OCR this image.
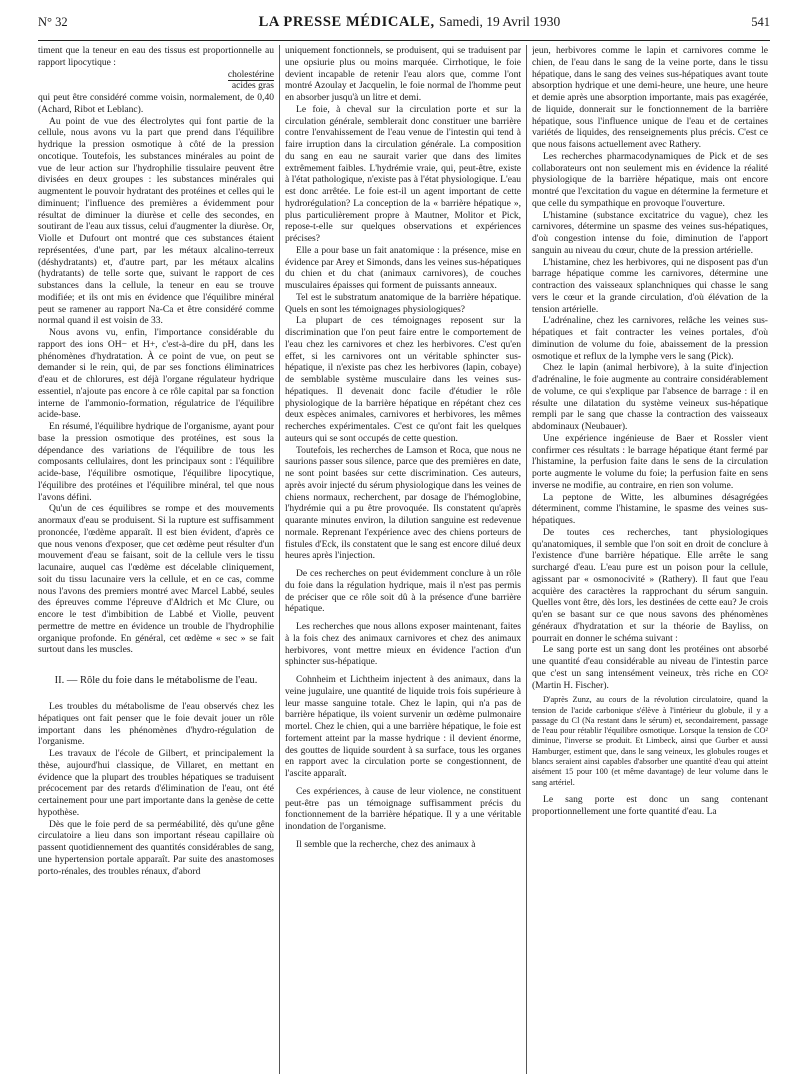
N° 32	LA PRESSE MÉDICALE, Samedi, 19 Avril 1930	541

timent que la teneur en eau des tissus est proportionnelle au rapport lipocytique :

cholestérine
acides gras

qui peut être considéré comme voisin, normalement, de 0,40 (Achard, Ribot et Leblanc).

Au point de vue des électrolytes qui font partie de la cellule, nous avons vu la part que prend dans l'équilibre hydrique la pression osmotique à côté de la pression oncotique. Toutefois, les substances minérales au point de vue de leur action sur l'hydrophilie tissulaire peuvent être divisées en deux groupes : les substances minérales qui augmentent le pouvoir hydratant des protéines et celles qui le diminuent; l'influence des premières a évidemment pour résultat de diminuer la diurèse et celle des secondes, en soutirant de l'eau aux tissus, celui d'augmenter la diurèse. Or, Violle et Dufourt ont montré que ces substances étaient représentées, d'une part, par les métaux alcalino-terreux (déshydratants) et, d'autre part, par les métaux alcalins (hydratants) de telle sorte que, suivant le rapport de ces substances dans la cellule, la teneur en eau se trouve modifiée; et ils ont mis en évidence que l'équilibre minéral peut se ramener au rapport Na-Ca et être considéré comme normal quand il est voisin de 33.

Nous avons vu, enfin, l'importance considérable du rapport des ions OH− et H+, c'est-à-dire du pH, dans les phénomènes d'hydratation. À ce point de vue, on peut se demander si le rein, qui, de par ses fonctions éliminatrices d'eau et de chlorures, est déjà l'organe régulateur hydrique essentiel, n'ajoute pas encore à ce rôle capital par sa fonction interne de l'ammonio-formation, régulatrice de l'équilibre acide-base.

En résumé, l'équilibre hydrique de l'organisme, ayant pour base la pression osmotique des protéines, est sous la dépendance des variations de l'équilibre de tous les composants cellulaires, dont les principaux sont : l'équilibre acide-base, l'équilibre osmotique, l'équilibre lipocytique, l'équilibre des protéines et l'équilibre minéral, tel que nous l'avons défini.

Qu'un de ces équilibres se rompe et des mouvements anormaux d'eau se produisent. Si la rupture est suffisamment prononcée, l'œdème apparaît. Il est bien évident, d'après ce que nous venons d'exposer, que cet œdème peut résulter d'un mouvement d'eau se faisant, soit de la cellule vers le tissu lacunaire, auquel cas l'œdème est décelable cliniquement, soit du tissu lacunaire vers la cellule, et en ce cas, comme nous l'avons des premiers montré avec Marcel Labbé, seules des épreuves comme l'épreuve d'Aldrich et Mc Clure, ou encore le test d'imbibition de Labbé et Violle, peuvent permettre de mettre en évidence un trouble de l'hydrophilie organique profonde. En général, cet œdème « sec » se fait surtout dans les muscles.

II. — Rôle du foie dans le métabolisme de l'eau.

Les troubles du métabolisme de l'eau observés chez les hépatiques ont fait penser que le foie devait jouer un rôle important dans les phénomènes d'hydro-régulation de l'organisme.

Les travaux de l'école de Gilbert, et principalement la thèse, aujourd'hui classique, de Villaret, en mettant en évidence que la plupart des troubles hépatiques se traduisent précocement par des retards d'élimination de l'eau, ont été certainement pour une part importante dans la genèse de cette hypothèse.

Dès que le foie perd de sa perméabilité, dès qu'une gêne circulatoire a lieu dans son important réseau capillaire où passent quotidiennement des quantités considérables de sang, une hypertension portale apparaît. Par suite des anastomoses porto-rénales, des troubles rénaux, d'abord

uniquement fonctionnels, se produisent, qui se traduisent par une opsiurie plus ou moins marquée. Cirrhotique, le foie devient incapable de retenir l'eau alors que, comme l'ont montré Azoulay et Jacquelin, le foie normal de l'homme peut en absorber jusqu'à un litre et demi.

Le foie, à cheval sur la circulation porte et sur la circulation générale, semblerait donc constituer une barrière contre l'envahissement de l'eau venue de l'intestin qui tend à faire irruption dans la circulation générale. La composition du sang en eau ne saurait varier que dans des limites extrêmement faibles. L'hydrémie vraie, qui, peut-être, existe à l'état pathologique, n'existe pas à l'état physiologique. L'eau est donc arrêtée. Le foie est-il un agent important de cette hydrorégulation? La conception de la « barrière hépatique », plus particulièrement propre à Mautner, Molitor et Pick, repose-t-elle sur quelques observations et expériences précises?

Elle a pour base un fait anatomique : la présence, mise en évidence par Arey et Simonds, dans les veines sus-hépatiques du chien et du chat (animaux carnivores), de couches musculaires épaisses qui forment de puissants anneaux.

Tel est le substratum anatomique de la barrière hépatique. Quels en sont les témoignages physiologiques?

La plupart de ces témoignages reposent sur la discrimination que l'on peut faire entre le comportement de l'eau chez les carnivores et chez les herbivores. C'est qu'en effet, si les carnivores ont un véritable sphincter sus-hépatique, il n'existe pas chez les herbivores (lapin, cobaye) de semblable système musculaire dans les veines sus-hépatiques. Il devenait donc facile d'étudier le rôle physiologique de la barrière hépatique en répétant chez ces deux espèces animales, carnivores et herbivores, les mêmes recherches expérimentales. C'est ce qu'ont fait les quelques auteurs qui se sont occupés de cette question.

Toutefois, les recherches de Lamson et Roca, que nous ne saurions passer sous silence, parce que des premières en date, ne sont point basées sur cette discrimination. Ces auteurs, après avoir injecté du sérum physiologique dans les veines de chiens normaux, recherchent, par dosage de l'hémoglobine, l'hydrémie qui a pu être provoquée. Ils constatent qu'après quarante minutes environ, la dilution sanguine est redevenue normale. Reprenant l'expérience avec des chiens porteurs de fistules d'Eck, ils constatent que le sang est encore dilué deux heures après l'injection.

De ces recherches on peut évidemment conclure à un rôle du foie dans la régulation hydrique, mais il n'est pas permis de préciser que ce rôle soit dû à la présence d'une barrière hépatique.

Les recherches que nous allons exposer maintenant, faites à la fois chez des animaux carnivores et chez des animaux herbivores, vont mettre mieux en évidence l'action d'un sphincter sus-hépatique.

Cohnheim et Lichtheim injectent à des animaux, dans la veine jugulaire, une quantité de liquide trois fois supérieure à leur masse sanguine totale. Chez le lapin, qui n'a pas de barrière hépatique, ils voient survenir un œdème pulmonaire mortel. Chez le chien, qui a une barrière hépatique, le foie est fortement atteint par la masse hydrique : il devient énorme, des gouttes de liquide sourdent à sa surface, tous les organes en rapport avec la circulation porte se congestionnent, de l'ascite apparaît.

Ces expériences, à cause de leur violence, ne constituent peut-être pas un témoignage suffisamment précis du fonctionnement de la barrière hépatique. Il y a une véritable inondation de l'organisme.

Il semble que la recherche, chez des animaux à

jeun, herbivores comme le lapin et carnivores comme le chien, de l'eau dans le sang de la veine porte, dans le tissu hépatique, dans le sang des veines sus-hépatiques avant toute absorption hydrique et une demi-heure, une heure, une heure et demie après une absorption importante, mais pas exagérée, de liquide, donnerait sur le fonctionnement de la barrière hépatique, sous l'influence unique de l'eau et de certaines variétés de liquides, des renseignements plus précis. C'est ce que nous faisons actuellement avec Rathery.

Les recherches pharmacodynamiques de Pick et de ses collaborateurs ont non seulement mis en évidence la réalité physiologique de la barrière hépatique, mais ont encore montré que l'excitation du vague en détermine la fermeture et que celle du sympathique en provoque l'ouverture.

L'histamine (substance excitatrice du vague), chez les carnivores, détermine un spasme des veines sus-hépatiques, d'où congestion intense du foie, diminution de l'apport sanguin au niveau du cœur, chute de la pression artérielle.

L'histamine, chez les herbivores, qui ne disposent pas d'un barrage hépatique comme les carnivores, détermine une contraction des vaisseaux splanchniques qui chasse le sang vers le cœur et la grande circulation, d'où élévation de la tension artérielle.

L'adrénaline, chez les carnivores, relâche les veines sus-hépatiques et fait contracter les veines portales, d'où diminution de volume du foie, abaissement de la pression osmotique et reflux de la lymphe vers le sang (Pick).

Chez le lapin (animal herbivore), à la suite d'injection d'adrénaline, le foie augmente au contraire considérablement de volume, ce qui s'explique par l'absence de barrage : il en résulte une dilatation du système veineux sus-hépatique rempli par le sang que chasse la contraction des vaisseaux abdominaux (Neubauer).

Une expérience ingénieuse de Baer et Rossler vient confirmer ces résultats : le barrage hépatique étant fermé par l'histamine, la perfusion faite dans le sens de la circulation porte augmente le volume du foie; la perfusion faite en sens inverse ne modifie, au contraire, en rien son volume.

La peptone de Witte, les albumines désagrégées déterminent, comme l'histamine, le spasme des veines sus-hépatiques.

De toutes ces recherches, tant physiologiques qu'anatomiques, il semble que l'on soit en droit de conclure à l'existence d'une barrière hépatique. Elle arrête le sang surchargé d'eau. L'eau pure est un poison pour la cellule, agissant par « osmonocivité » (Rathery). Il faut que l'eau acquière des caractères la rapprochant du sérum sanguin. Quelles vont être, dès lors, les destinées de cette eau? Je crois qu'en se basant sur ce que nous savons des phénomènes généraux d'hydratation et sur la théorie de Bayliss, on pourrait en donner le schéma suivant :

Le sang porte est un sang dont les protéines ont absorbé une quantité d'eau considérable au niveau de l'intestin parce que c'est un sang intensément veineux, très riche en CO² (Martin H. Fischer).

D'après Zunz, au cours de la révolution circulatoire, quand la tension de l'acide carbonique s'élève à l'intérieur du globule, il y a passage du Cl (Na restant dans le sérum) et, secondairement, passage de l'eau pour rétablir l'équilibre osmotique. Lorsque la tension de CO² diminue, l'inverse se produit. Et Limbeck, ainsi que Gurber et aussi Hamburger, estiment que, dans le sang veineux, les globules rouges et blancs seraient ainsi capables d'absorber une quantité d'eau qui atteint aisément 15 pour 100 (et même davantage) de leur volume dans le sang artériel.

Le sang porte est donc un sang contenant proportionnellement une forte quantité d'eau. La
